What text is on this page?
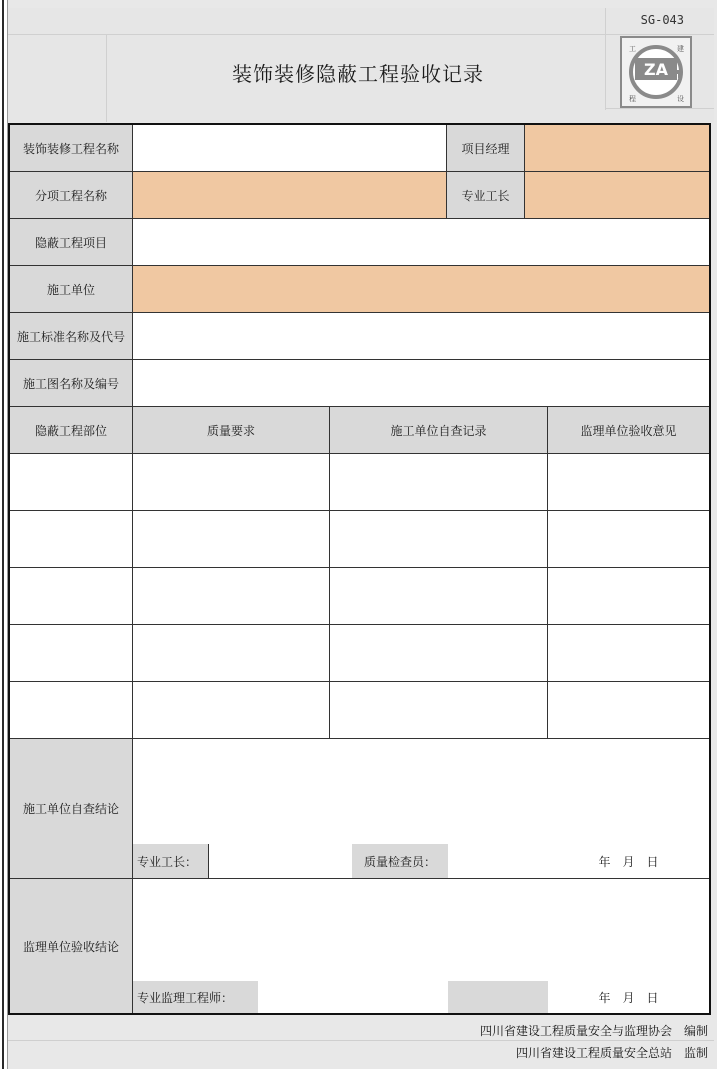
SG-043
装饰装修隐蔽工程验收记录	ZA
工	建
程	设
装饰装修工程名称	项目经理
分项工程名称	专业工长
隐蔽工程项目
施工单位
施工标准名称及代号
施工图名称及编号
隐蔽工程部位	质量要求	施工单位自查记录	监理单位验收意见
施工单位自查结论
专业工长：	质量检查员：	年　月　日
监理单位验收结论
专业监理工程师：	年　月　日
四川省建设工程质量安全与监理协会　编制
四川省建设工程质量安全总站　监制
